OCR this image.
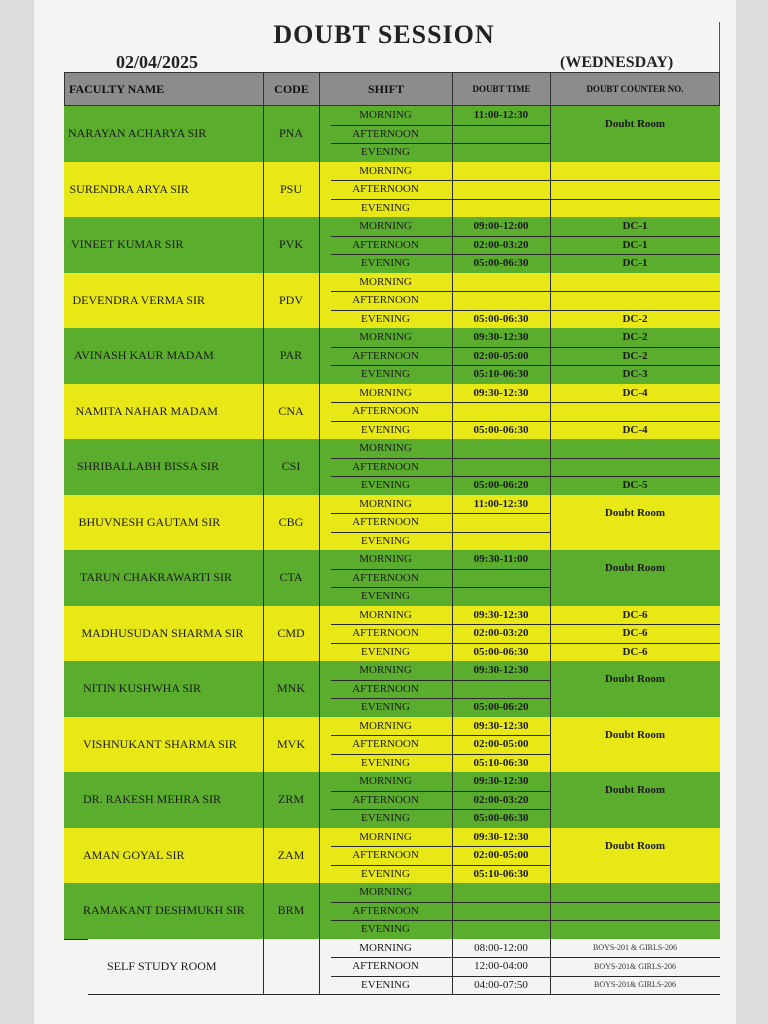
DOUBT SESSION
02/04/2025	(WEDNESDAY)
FACULTY NAME	CODE	SHIFT	DOUBT TIME	DOUBT COUNTER NO.
NARAYAN ACHARYA SIR	PNA
MORNING	11:00-12:30
AFTERNOON
EVENING
Doubt Room
SURENDRA ARYA SIR	PSU
MORNING
AFTERNOON
EVENING
VINEET KUMAR SIR	PVK
MORNING	09:00-12:00	DC-1
AFTERNOON	02:00-03:20	DC-1
EVENING	05:00-06:30	DC-1
DEVENDRA VERMA SIR	PDV
MORNING
AFTERNOON
EVENING	05:00-06:30	DC-2
AVINASH KAUR MADAM	PAR
MORNING	09:30-12:30	DC-2
AFTERNOON	02:00-05:00	DC-2
EVENING	05:10-06:30	DC-3
NAMITA NAHAR MADAM	CNA
MORNING	09:30-12:30	DC-4
AFTERNOON
EVENING	05:00-06:30	DC-4
SHRIBALLABH BISSA SIR	CSI
MORNING
AFTERNOON
EVENING	05:00-06:20	DC-5
BHUVNESH GAUTAM SIR	CBG
MORNING	11:00-12:30
AFTERNOON
EVENING
Doubt Room
TARUN CHAKRAWARTI SIR	CTA
MORNING	09:30-11:00
AFTERNOON
EVENING
Doubt Room
MADHUSUDAN SHARMA SIR	CMD
MORNING	09:30-12:30	DC-6
AFTERNOON	02:00-03:20	DC-6
EVENING	05:00-06:30	DC-6
NITIN KUSHWHA SIR	MNK
MORNING	09:30-12:30
AFTERNOON
EVENING	05:00-06:20
Doubt Room
VISHNUKANT SHARMA SIR	MVK
MORNING	09:30-12:30
AFTERNOON	02:00-05:00
EVENING	05:10-06:30
Doubt Room
DR. RAKESH MEHRA SIR	ZRM
MORNING	09:30-12:30
AFTERNOON	02:00-03:20
EVENING	05:00-06:30
Doubt Room
AMAN GOYAL SIR	ZAM
MORNING	09:30-12:30
AFTERNOON	02:00-05:00
EVENING	05:10-06:30
Doubt Room
RAMAKANT DESHMUKH SIR	BRM
MORNING
AFTERNOON
EVENING
SELF STUDY ROOM
MORNING	08:00-12:00	BOYS-201 & GIRLS-206
AFTERNOON	12:00-04:00	BOYS-201& GIRLS-206
EVENING	04:00-07:50	BOYS-201& GIRLS-206
